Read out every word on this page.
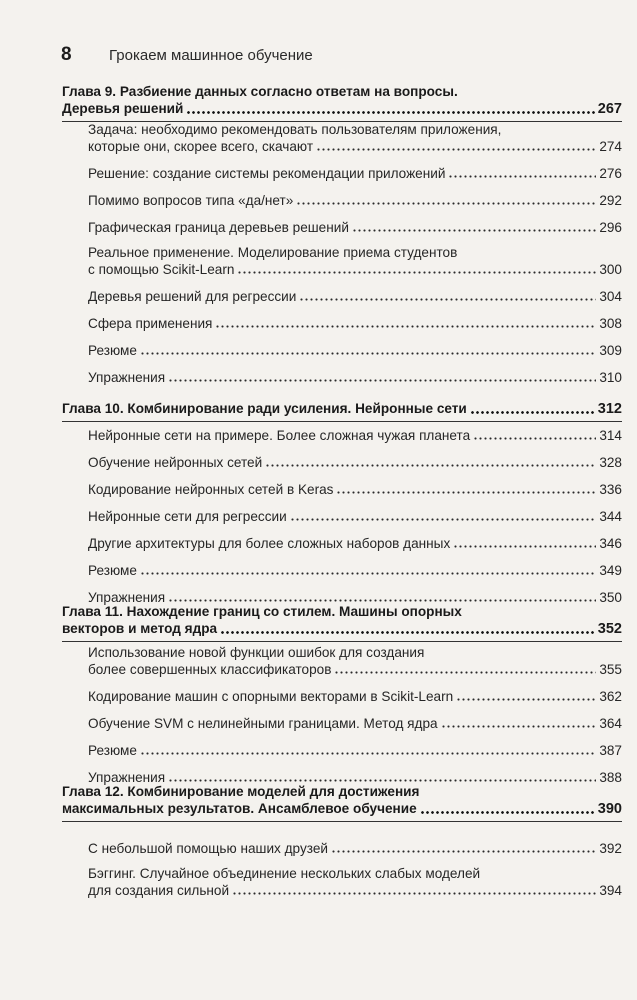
8	Грокаем машинное обучение
Глава 9. Разбиение данных согласно ответам на вопросы.
Деревья решений	267
Задача: необходимо рекомендовать пользователям приложения,
которые они, скорее всего, скачают	274
Решение: создание системы рекомендации приложений	276
Помимо вопросов типа «да/нет»	292
Графическая граница деревьев решений	296
Реальное применение. Моделирование приема студентов
с помощью Scikit-Learn	300
Деревья решений для регрессии	304
Сфера применения	308
Резюме	309
Упражнения	310
Глава 10. Комбинирование ради усиления. Нейронные сети	312
Нейронные сети на примере. Более сложная чужая планета	314
Обучение нейронных сетей	328
Кодирование нейронных сетей в Keras	336
Нейронные сети для регрессии	344
Другие архитектуры для более сложных наборов данных	346
Резюме	349
Упражнения	350
Глава 11. Нахождение границ со стилем. Машины опорных
векторов и метод ядра	352
Использование новой функции ошибок для создания
более совершенных классификаторов	355
Кодирование машин с опорными векторами в Scikit-Learn	362
Обучение SVM с нелинейными границами. Метод ядра	364
Резюме	387
Упражнения	388
Глава 12. Комбинирование моделей для достижения
максимальных результатов. Ансамблевое обучение	390
С небольшой помощью наших друзей	392
Бэггинг. Случайное объединение нескольких слабых моделей
для создания сильной	394
